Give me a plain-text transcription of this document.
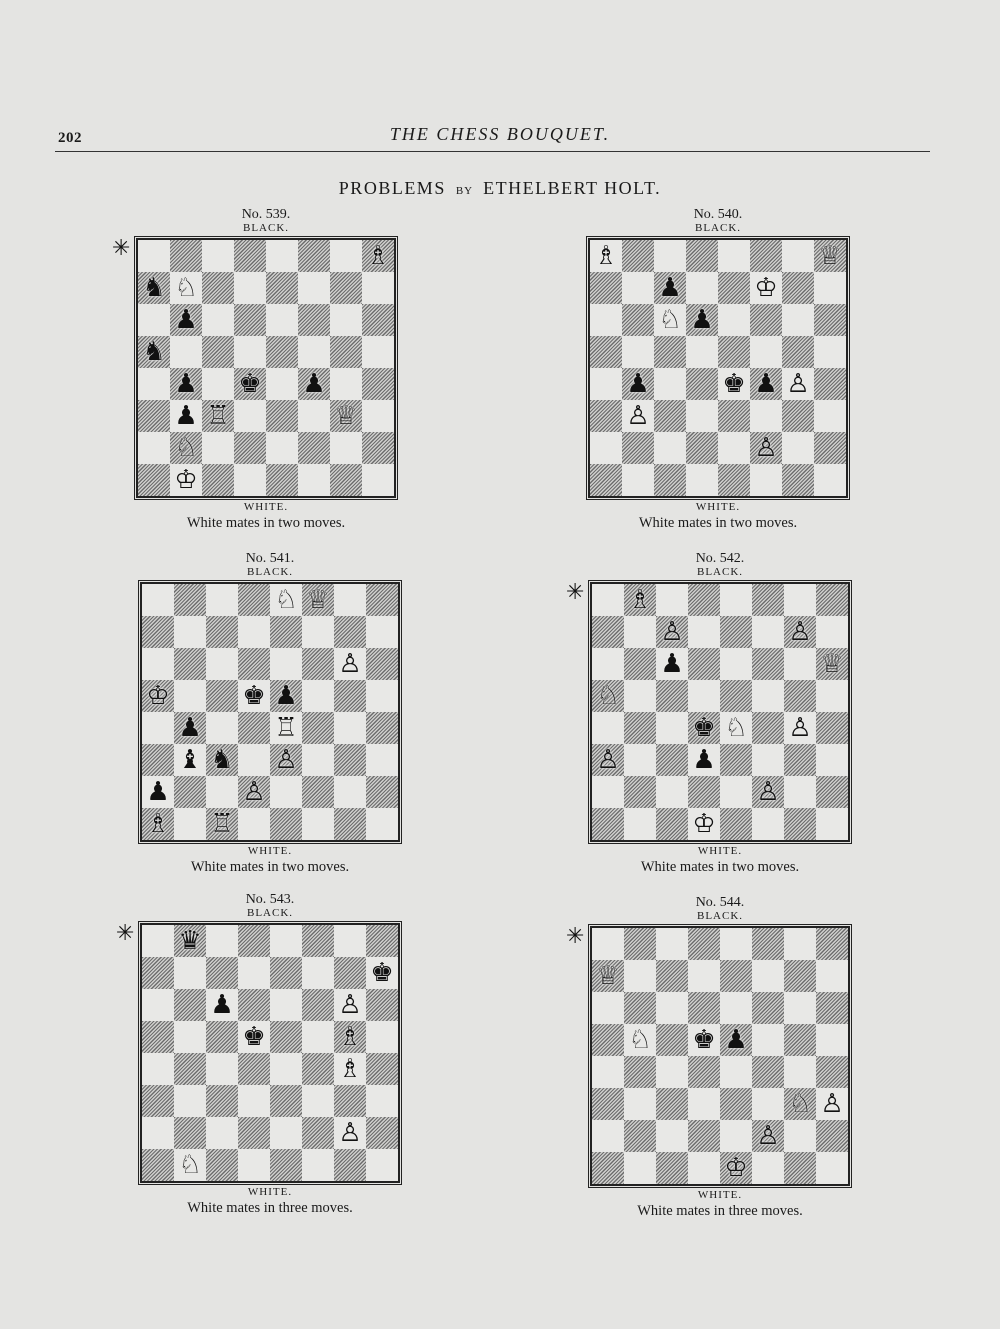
202	THE CHESS BOUQUET.
PROBLEMS BY ETHELBERT HOLT.
No. 539.
BLACK.
✳	♗
♞ ♘
♟
♞
♟ ♚ ♟
♟ ♖	♕
♘
♔
WHITE.
White mates in two moves.
No. 540.
BLACK.
♗	♕
♟	♔
♘ ♟
♟	♚ ♟ ♙
♙
♙
WHITE.
White mates in two moves.
No. 541.
BLACK.
♘ ♕
♙
♔	♚ ♟
♟	♖
♝ ♞ ♙
♟	♙
♗ ♖
WHITE.
White mates in two moves.
No. 542.
BLACK.
✳ ♗
♙	♙
♟	♕
♘
♚ ♘ ♙
♙	♟
♙
♔
WHITE.
White mates in two moves.
No. 543.
BLACK.
✳ ♛
♚
♟	♙
♚	♗
♗
♙
♘
WHITE.
White mates in three moves.
No. 544.
BLACK.
✳
♕
♘ ♚ ♟
♘ ♙
♙
♔
WHITE.
White mates in three moves.
